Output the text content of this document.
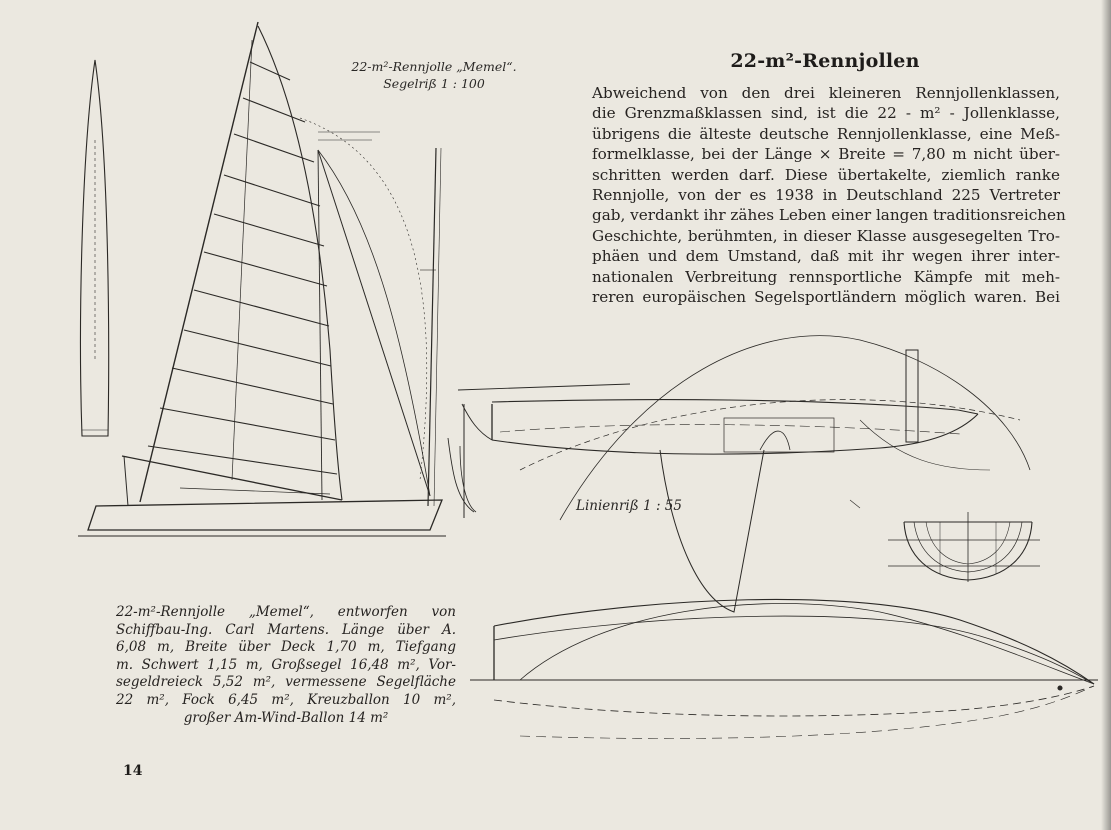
22-m²-Rennjolle „Memel“.
Segelriß 1 : 100
22-m²-Rennjollen
Abweichend von den drei kleineren Rennjollenklassen,
die Grenzmaßklassen sind, ist die 22 - m² - Jollenklasse,
übrigens die älteste deutsche Rennjollenklasse, eine Meß-
formelklasse, bei der Länge × Breite = 7,80 m nicht über-
schritten werden darf. Diese übertakelte, ziemlich ranke
Rennjolle, von der es 1938 in Deutschland 225 Vertreter
gab, verdankt ihr zähes Leben einer langen traditionsreichen
Geschichte, berühmten, in dieser Klasse ausgesegelten Tro-
phäen und dem Umstand, daß mit ihr wegen ihrer inter-
nationalen Verbreitung rennsportliche Kämpfe mit meh-
reren europäischen Segelsportländern möglich waren. Bei
Linienriß 1 : 55
22-m²-Rennjolle „Memel“, entworfen von
Schiffbau-Ing. Carl Martens. Länge über A.
6,08 m, Breite über Deck 1,70 m, Tiefgang
m. Schwert 1,15 m, Großsegel 16,48 m², Vor-
segeldreieck 5,52 m², vermessene Segelfläche
22 m², Fock 6,45 m², Kreuzballon 10 m²,
großer Am-Wind-Ballon 14 m²
14
